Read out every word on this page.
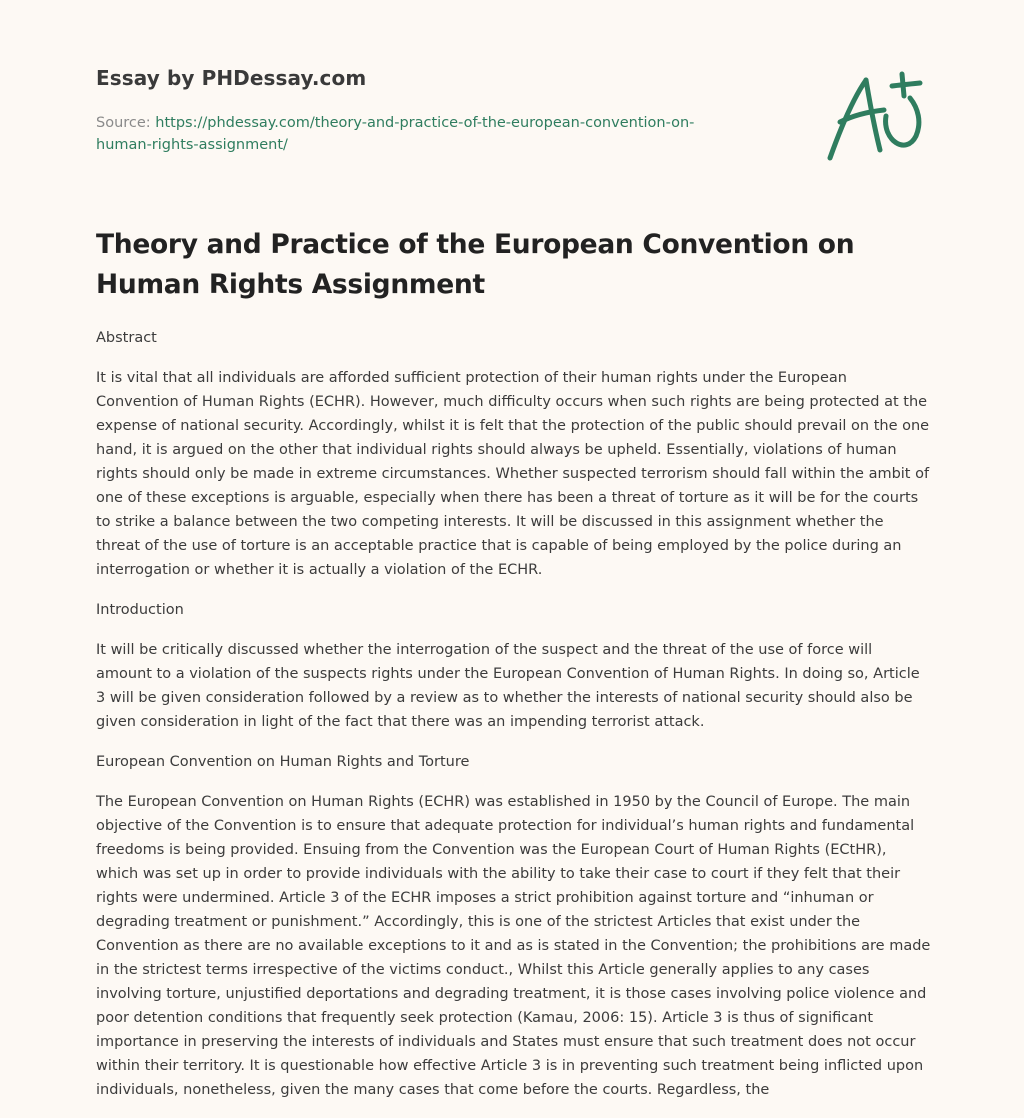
Essay by PHDessay.com

Source: https://phdessay.com/theory-and-practice-of-the-european-convention-on-human-rights-assignment/

Theory and Practice of the European Convention on Human Rights Assignment

Abstract

It is vital that all individuals are afforded sufficient protection of their human rights under the European Convention of Human Rights (ECHR). However, much difficulty occurs when such rights are being protected at the expense of national security. Accordingly, whilst it is felt that the protection of the public should prevail on the one hand, it is argued on the other that individual rights should always be upheld. Essentially, violations of human rights should only be made in extreme circumstances. Whether suspected terrorism should fall within the ambit of one of these exceptions is arguable, especially when there has been a threat of torture as it will be for the courts to strike a balance between the two competing interests. It will be discussed in this assignment whether the threat of the use of torture is an acceptable practice that is capable of being employed by the police during an interrogation or whether it is actually a violation of the ECHR.

Introduction

It will be critically discussed whether the interrogation of the suspect and the threat of the use of force will amount to a violation of the suspects rights under the European Convention of Human Rights. In doing so, Article 3 will be given consideration followed by a review as to whether the interests of national security should also be given consideration in light of the fact that there was an impending terrorist attack.

European Convention on Human Rights and Torture

The European Convention on Human Rights (ECHR) was established in 1950 by the Council of Europe. The main objective of the Convention is to ensure that adequate protection for individual’s human rights and fundamental freedoms is being provided. Ensuing from the Convention was the European Court of Human Rights (ECtHR), which was set up in order to provide individuals with the ability to take their case to court if they felt that their rights were undermined. Article 3 of the ECHR imposes a strict prohibition against torture and “inhuman or degrading treatment or punishment.” Accordingly, this is one of the strictest Articles that exist under the Convention as there are no available exceptions to it and as is stated in the Convention; the prohibitions are made in the strictest terms irrespective of the victims conduct., Whilst this Article generally applies to any cases involving torture, unjustified deportations and degrading treatment, it is those cases involving police violence and poor detention conditions that frequently seek protection (Kamau, 2006: 15). Article 3 is thus of significant importance in preserving the interests of individuals and States must ensure that such treatment does not occur within their territory. It is questionable how effective Article 3 is in preventing such treatment being inflicted upon individuals, nonetheless, given the many cases that come before the courts. Regardless, the
